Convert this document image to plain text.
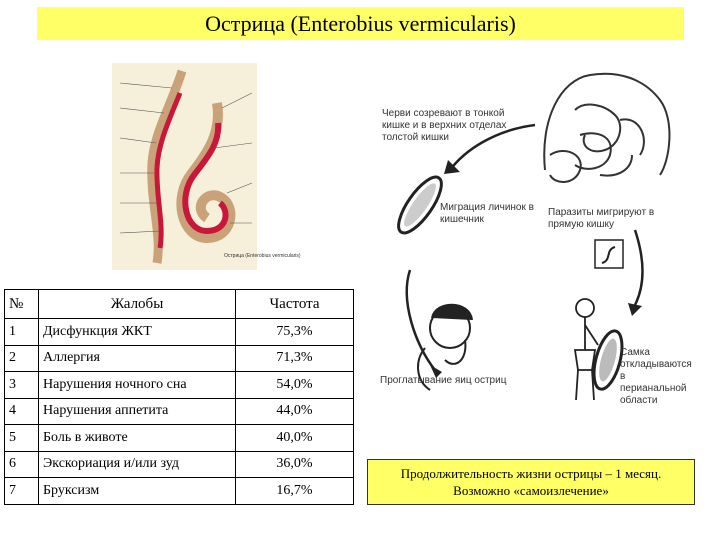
Острица (Enterobius vermicularis)
Острица (Enterobius vermicularis)
Черви созревают в тонкой кишке и в верхних отделах толстой кишки
Миграция личинок в кишечник
Паразиты мигрируют в прямую кишку
Проглатывание яиц остриц
Самка откладываются в перианальной области
№	Жалобы	Частота
1	Дисфункция ЖКТ	75,3%
2	Аллергия	71,3%
3	Нарушения ночного сна	54,0%
4	Нарушения аппетита	44,0%
5	Боль в животе	40,0%
6	Экскориация и/или зуд	36,0%
7	Бруксизм	16,7%
Продолжительность жизни острицы – 1 месяц.
Возможно «самоизлечение»
